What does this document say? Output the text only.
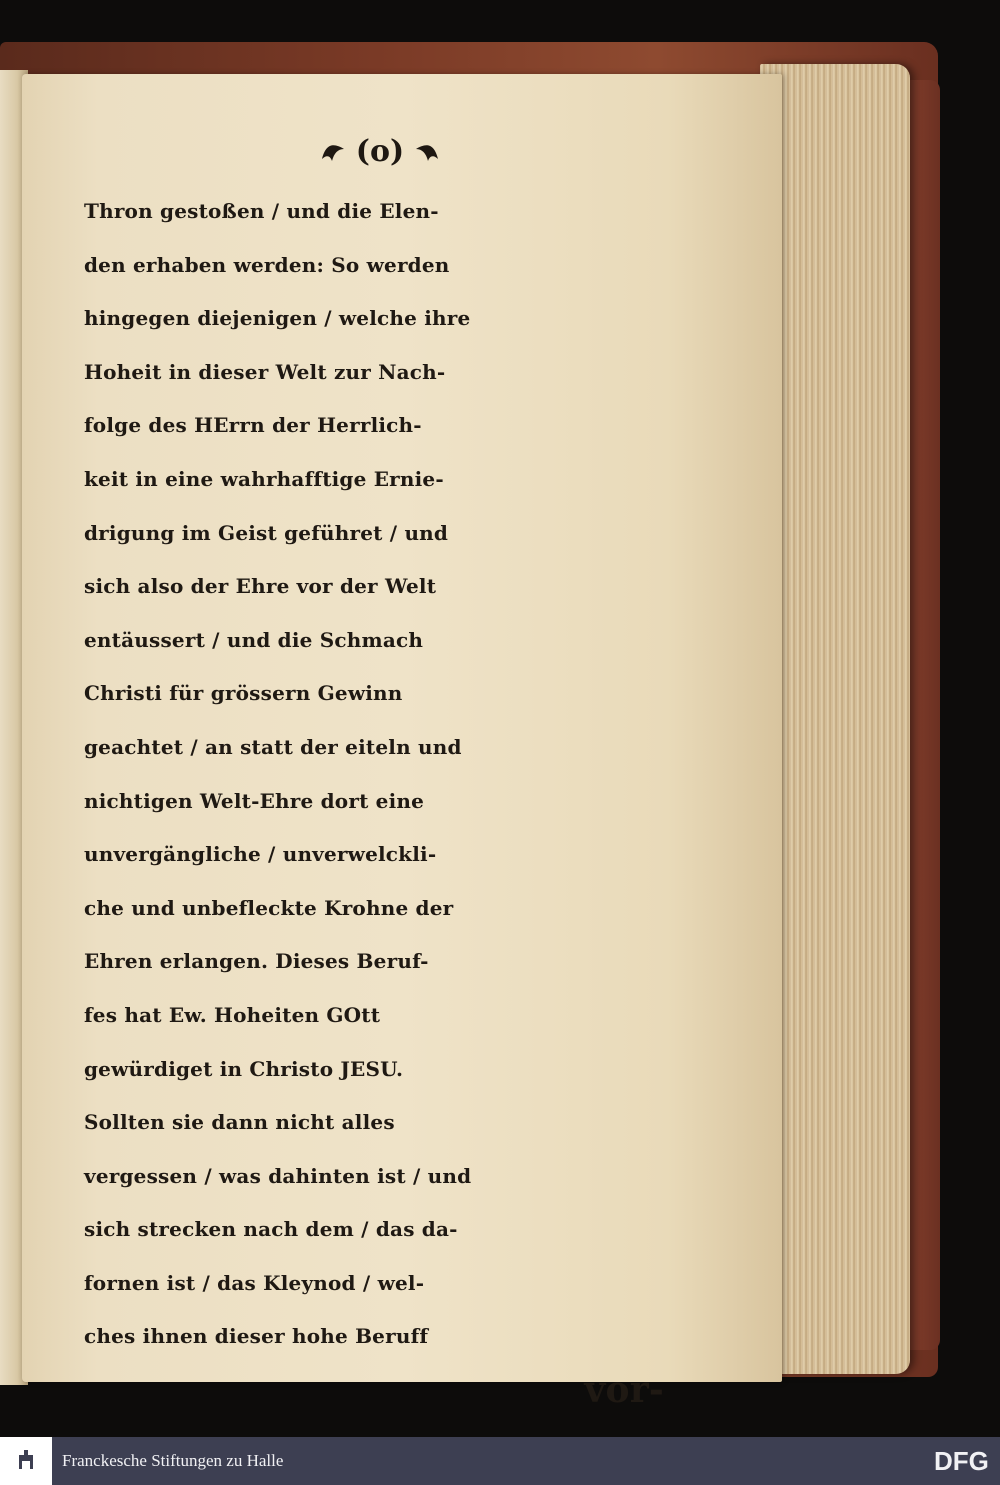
(o)
Thron gestoßen / und die Elen-
den erhaben werden: So werden
hingegen diejenigen / welche ihre
Hoheit in dieser Welt zur Nach-
folge des HErrn der Herrlich-
keit in eine wahrhafftige Ernie-
drigung im Geist geführet / und
sich also der Ehre vor der Welt
entäussert / und die Schmach
Christi für grössern Gewinn
geachtet / an statt der eiteln und
nichtigen Welt-Ehre dort eine
unvergängliche / unverwelckli-
che und unbefleckte Krohne der
Ehren erlangen. Dieses Beruf-
fes hat Ew. Hoheiten GOtt
gewürdiget in Christo JESU.
Sollten sie dann nicht alles
vergessen / was dahinten ist / und
sich strecken nach dem / das da-
fornen ist / das Kleynod / wel-
ches ihnen dieser hohe Beruff
vor-
Franckesche Stiftungen zu Halle	DFG
